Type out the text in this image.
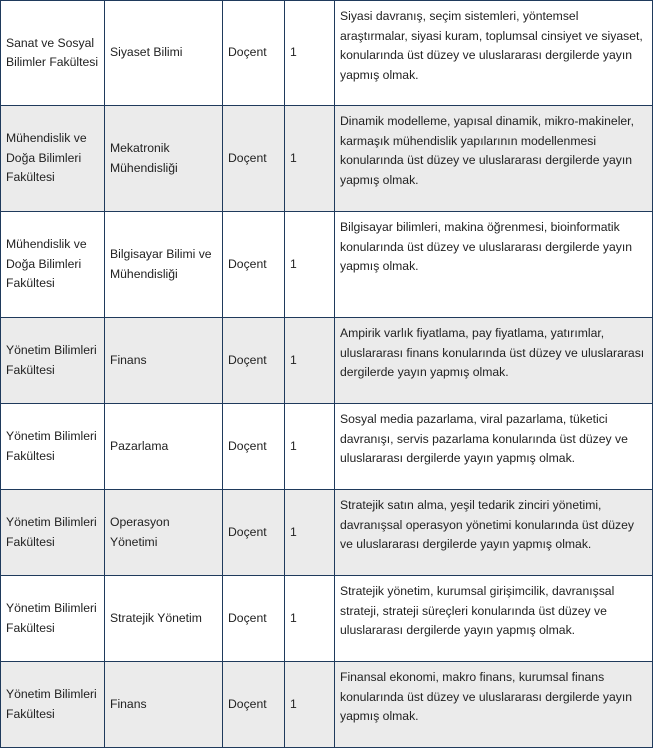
Sanat ve Sosyal Bilimler Fakültesi	Siyaset Bilimi	Doçent	1	Siyasi davranış, seçim sistemleri, yöntemsel araştırmalar, siyasi kuram, toplumsal cinsiyet ve siyaset, konularında üst düzey ve uluslararası dergilerde yayın yapmış olmak.
Mühendislik ve Doğa Bilimleri Fakültesi	Mekatronik Mühendisliği	Doçent	1	Dinamik modelleme, yapısal dinamik, mikro-makineler, karmaşık mühendislik yapılarının modellenmesi konularında üst düzey ve uluslararası dergilerde yayın yapmış olmak.
Mühendislik ve Doğa Bilimleri Fakültesi	Bilgisayar Bilimi ve Mühendisliği	Doçent	1	Bilgisayar bilimleri, makina öğrenmesi, bioinformatik konularında üst düzey ve uluslararası dergilerde yayın yapmış olmak.
Yönetim Bilimleri Fakültesi	Finans	Doçent	1	Ampirik varlık fiyatlama, pay fiyatlama, yatırımlar, uluslararası finans konularında üst düzey ve uluslararası dergilerde yayın yapmış olmak.
Yönetim Bilimleri Fakültesi	Pazarlama	Doçent	1	Sosyal media pazarlama, viral pazarlama, tüketici davranışı, servis pazarlama konularında üst düzey ve uluslararası dergilerde yayın yapmış olmak.
Yönetim Bilimleri Fakültesi	Operasyon Yönetimi	Doçent	1	Stratejik satın alma, yeşil tedarik zinciri yönetimi, davranışsal operasyon yönetimi konularında üst düzey ve uluslararası dergilerde yayın yapmış olmak.
Yönetim Bilimleri Fakültesi	Stratejik Yönetim	Doçent	1	Stratejik yönetim, kurumsal girişimcilik, davranışsal strateji, strateji süreçleri konularında üst düzey ve uluslararası dergilerde yayın yapmış olmak.
Yönetim Bilimleri Fakültesi	Finans	Doçent	1	Finansal ekonomi, makro finans, kurumsal finans konularında üst düzey ve uluslararası dergilerde yayın yapmış olmak.
